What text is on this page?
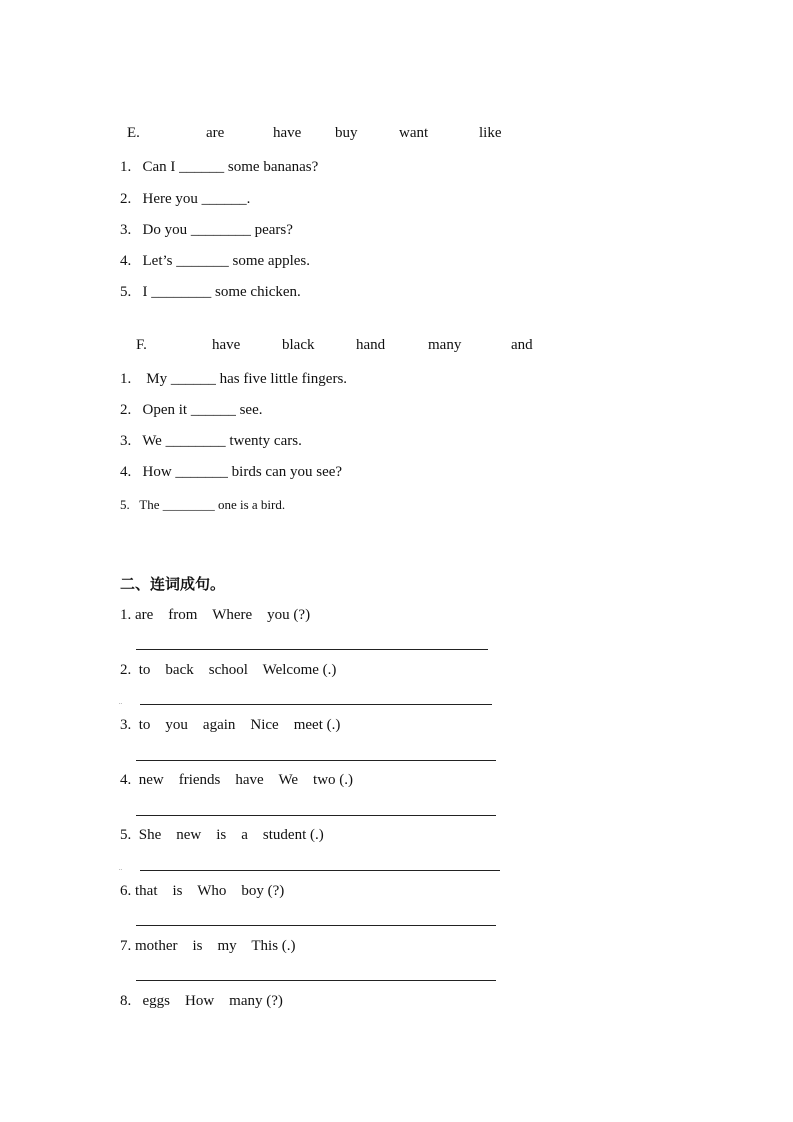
E.	are	have buy	want	like
1.   Can I ______ some bananas?
2.   Here you ______.
3.   Do you ________ pears?
4.   Let’s _______ some apples.
5.   I ________ some chicken.
F.	have	black	hand	many	and
1.    My ______ has five little fingers.
2.   Open it ______ see.
3.   We ________ twenty cars.
4.   How _______ birds can you see?
5.   The ________ one is a bird.
二、连词成句。
1. are    from    Where    you (?)
2.  to    back    school    Welcome (.)
..
3.  to    you    again    Nice    meet (.)
4.  new    friends    have    We    two (.)
5.  She    new    is    a    student (.)
..
6. that    is    Who    boy (?)
7. mother    is    my    This (.)
8.   eggs    How    many (?)
